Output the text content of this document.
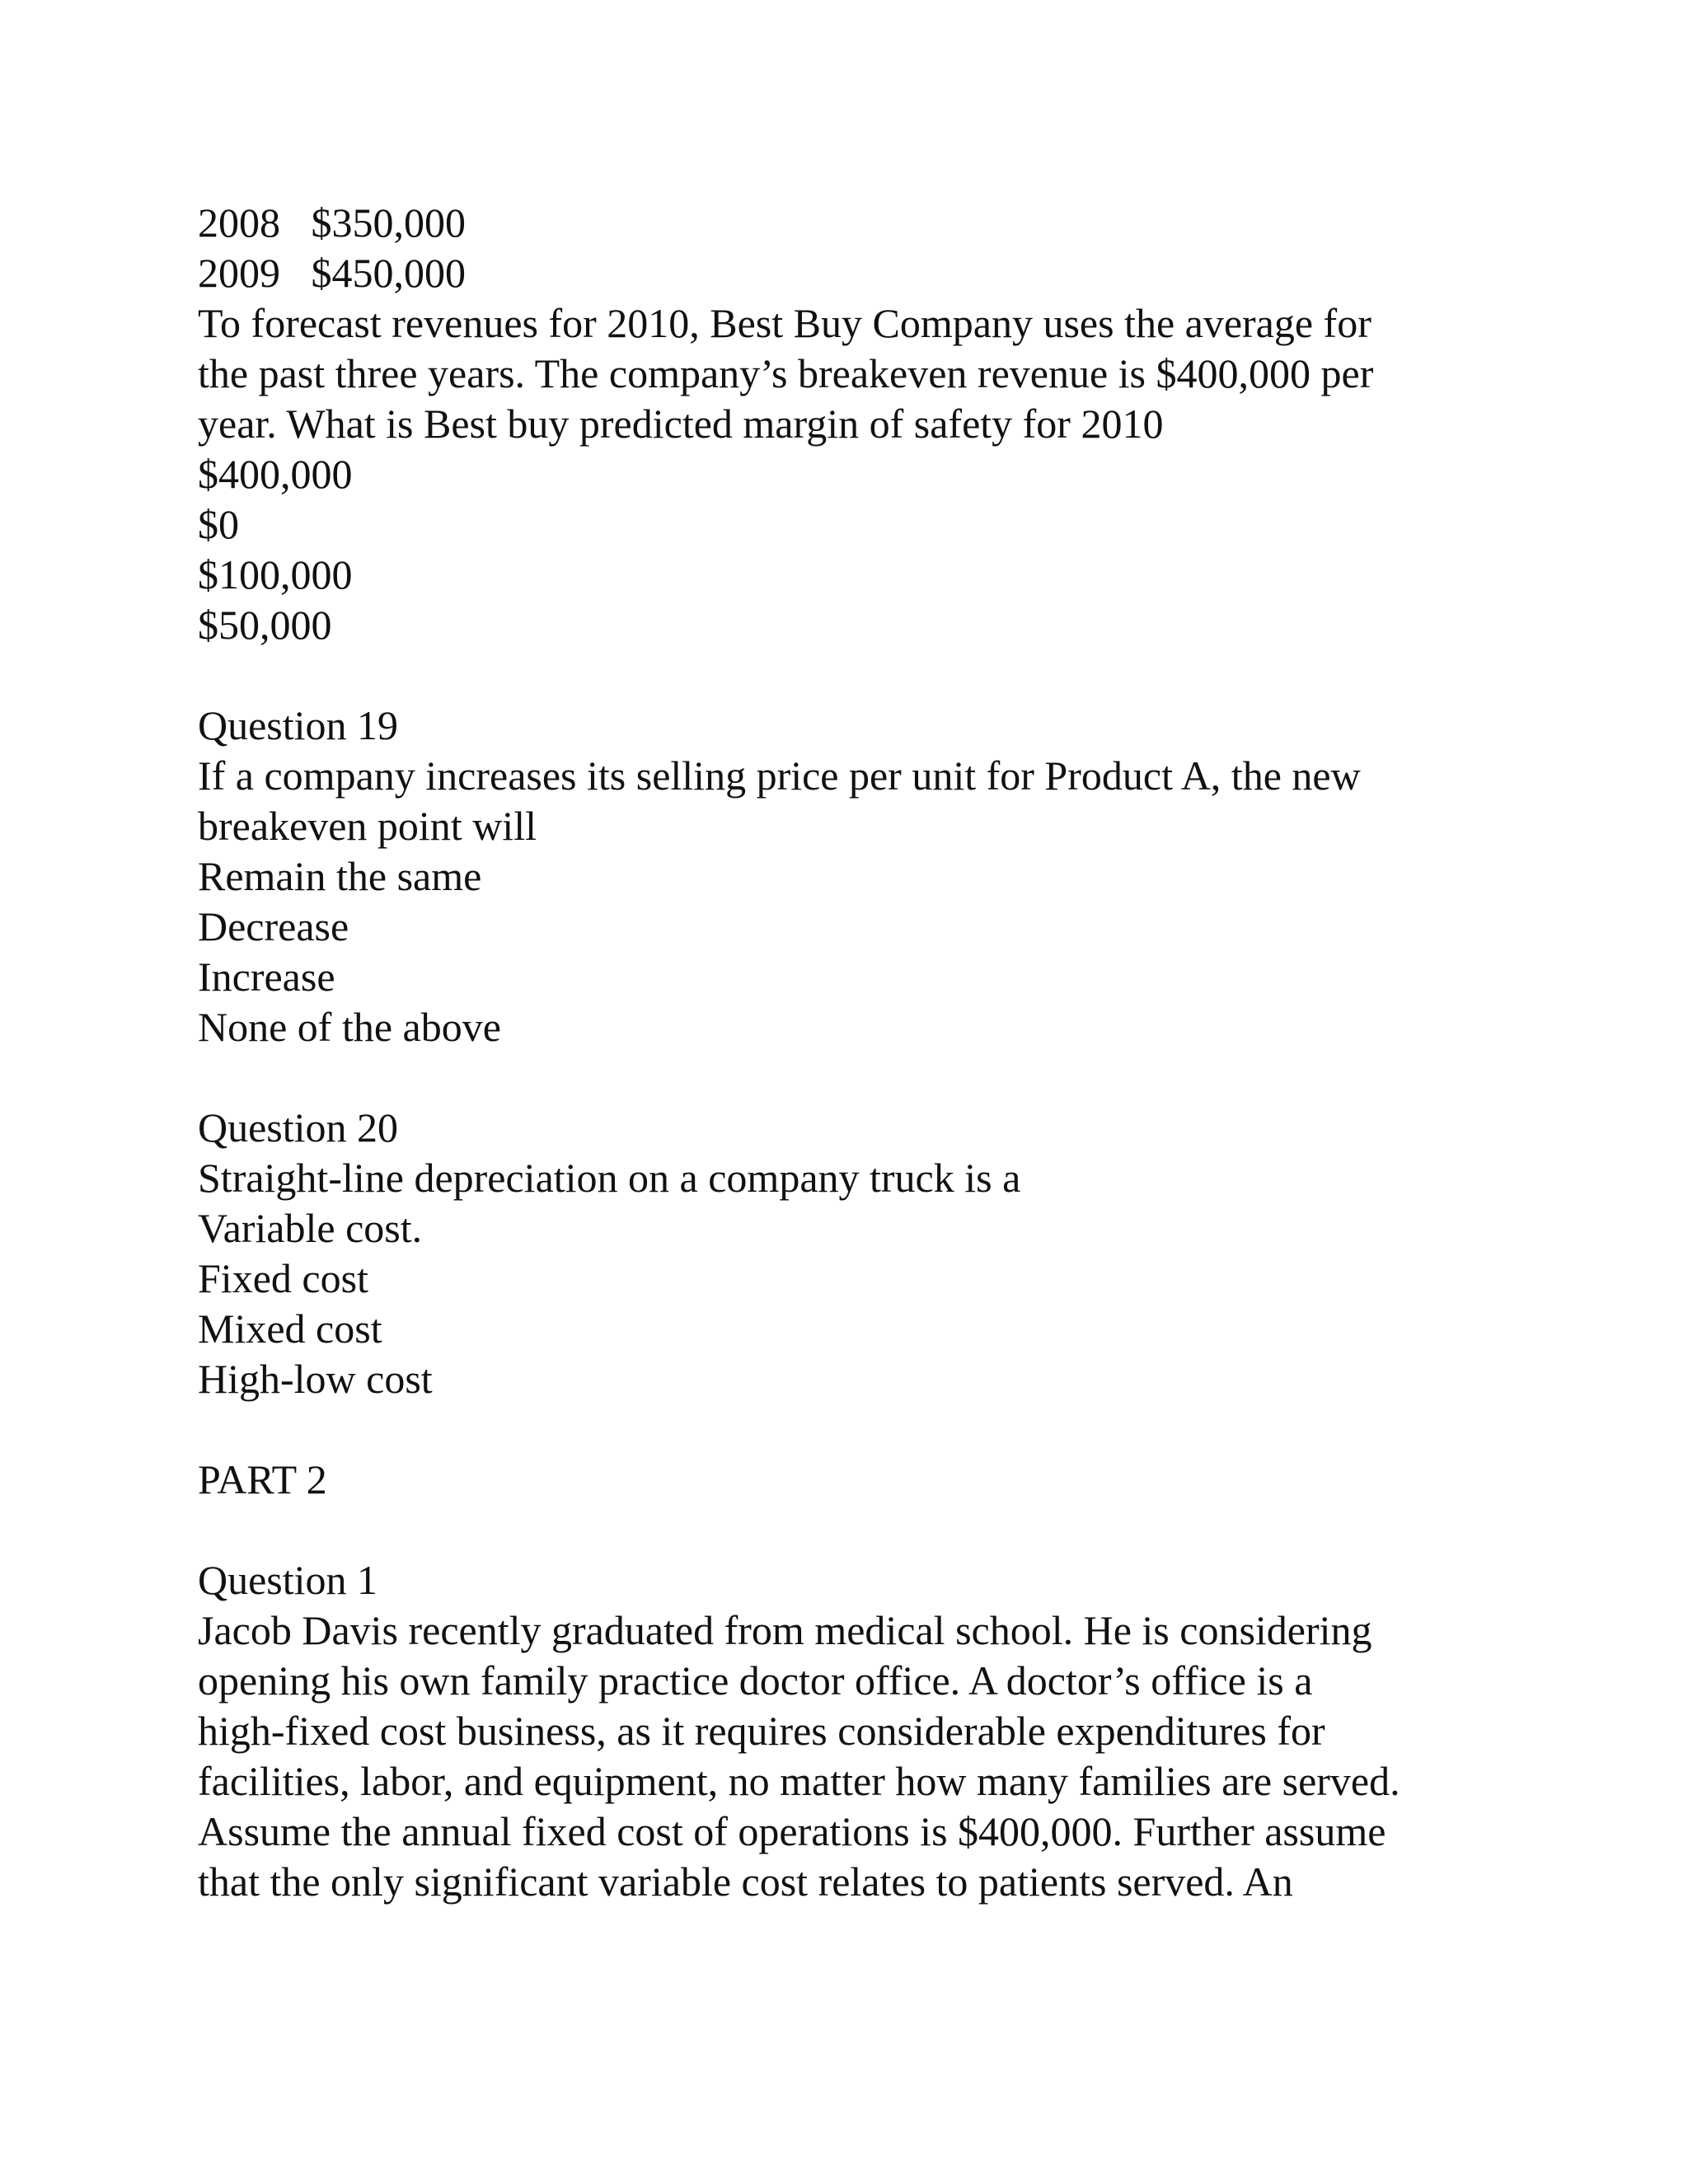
2008   $350,000
2009   $450,000
To forecast revenues for 2010, Best Buy Company uses the average for
the past three years. The company’s breakeven revenue is $400,000 per
year. What is Best buy predicted margin of safety for 2010
$400,000
$0
$100,000
$50,000
Question 19
If a company increases its selling price per unit for Product A, the new
breakeven point will
Remain the same
Decrease
Increase
None of the above
Question 20
Straight-line depreciation on a company truck is a
Variable cost.
Fixed cost
Mixed cost
High-low cost
PART 2
Question 1
Jacob Davis recently graduated from medical school. He is considering
opening his own family practice doctor office. A doctor’s office is a
high-fixed cost business, as it requires considerable expenditures for
facilities, labor, and equipment, no matter how many families are served.
Assume the annual fixed cost of operations is $400,000. Further assume
that the only significant variable cost relates to patients served. An
